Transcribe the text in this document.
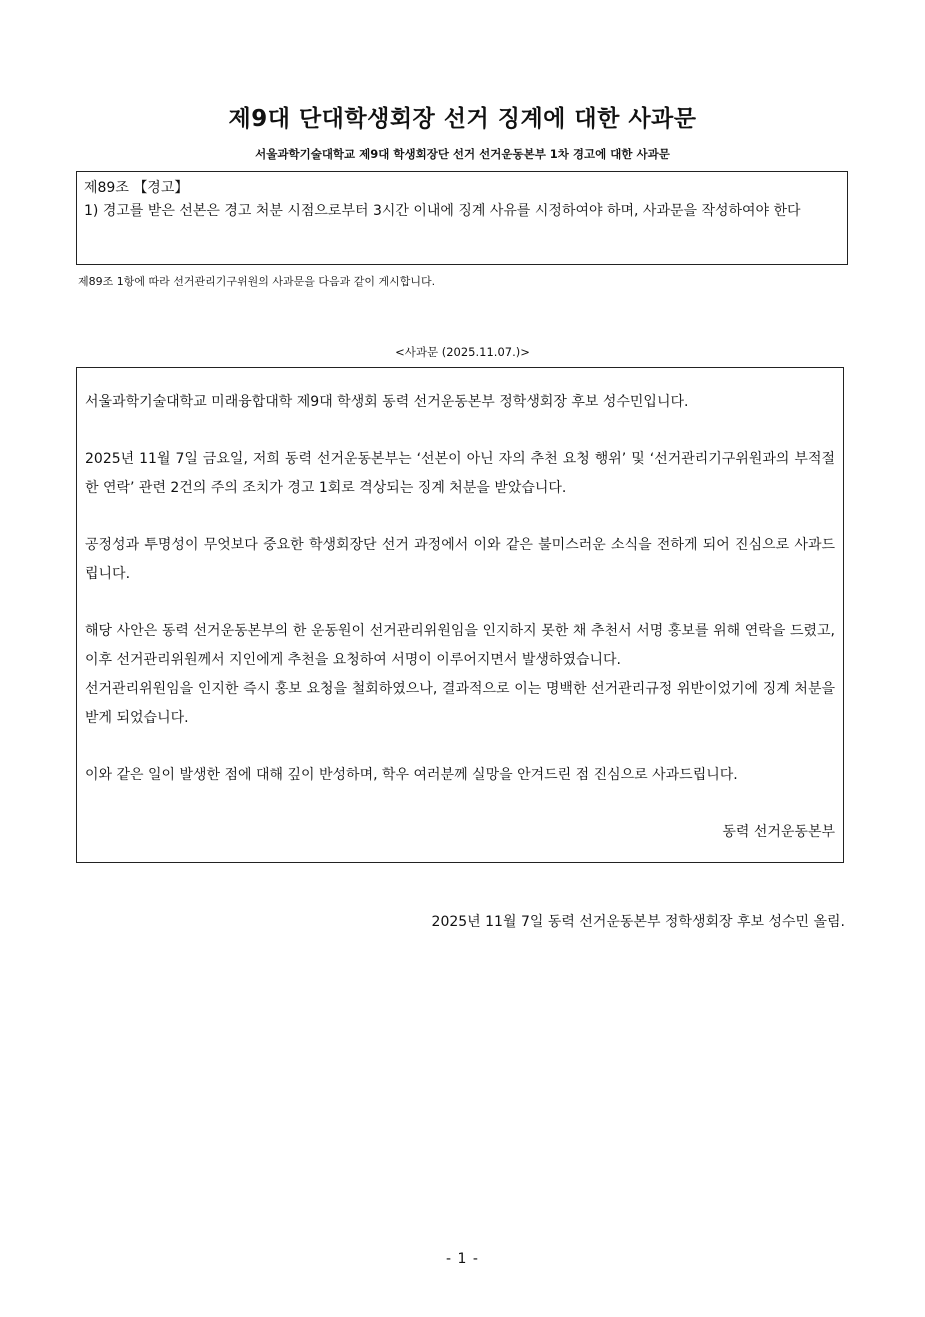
제9대 단대학생회장 선거 징계에 대한 사과문
서울과학기술대학교 제9대 학생회장단 선거 선거운동본부 1차 경고에 대한 사과문
제89조 【경고】
1) 경고를 받은 선본은 경고 처분 시점으로부터 3시간 이내에 징계 사유를 시정하여야 하며, 사과문을 작성하여야 한다
제89조 1항에 따라 선거관리기구위원의 사과문을 다음과 같이 게시합니다.
<사과문 (2025.11.07.)>

서울과학기술대학교 미래융합대학 제9대 학생회 동력 선거운동본부 정학생회장 후보 성수민입니다.

2025년 11월 7일 금요일, 저희 동력 선거운동본부는 ‘선본이 아닌 자의 추천 요청 행위’ 및 ‘선거관리기구위원과의 부적절한 연락’ 관련 2건의 주의 조치가 경고 1회로 격상되는 징계 처분을 받았습니다.

공정성과 투명성이 무엇보다 중요한 학생회장단 선거 과정에서 이와 같은 불미스러운 소식을 전하게 되어 진심으로 사과드립니다.

해당 사안은 동력 선거운동본부의 한 운동원이 선거관리위원임을 인지하지 못한 채 추천서 서명 홍보를 위해 연락을 드렸고, 이후 선거관리위원께서 지인에게 추천을 요청하여 서명이 이루어지면서 발생하였습니다.

선거관리위원임을 인지한 즉시 홍보 요청을 철회하였으나, 결과적으로 이는 명백한 선거관리규정 위반이었기에 징계 처분을 받게 되었습니다.

이와 같은 일이 발생한 점에 대해 깊이 반성하며, 학우 여러분께 실망을 안겨드린 점 진심으로 사과드립니다.

동력 선거운동본부

2025년 11월 7일 동력 선거운동본부 정학생회장 후보 성수민 올림.
- 1 -
